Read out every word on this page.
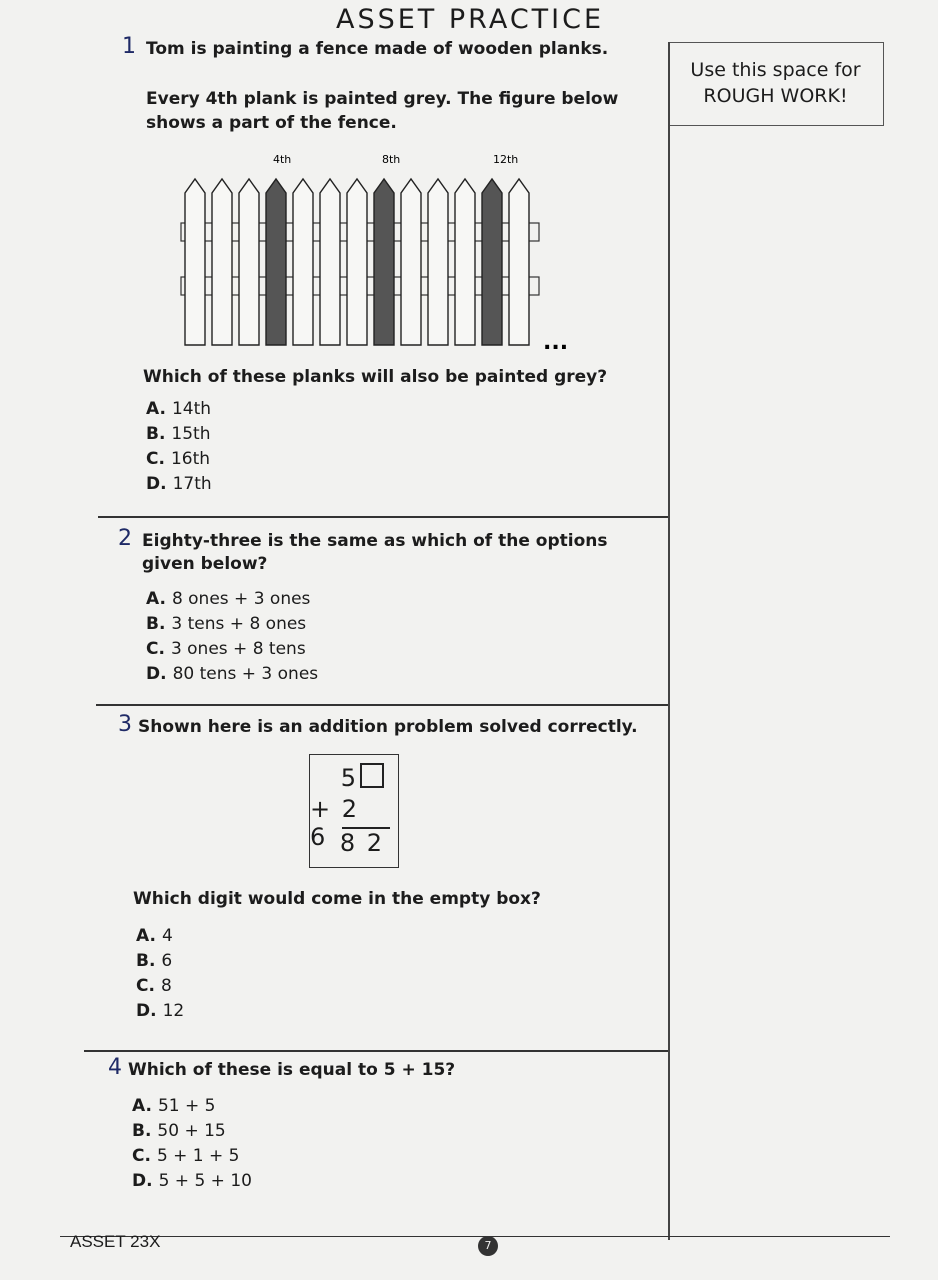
ASSET PRACTICE
Use this space for
ROUGH WORK!
1 Tom is painting a fence made of wooden planks.
Every 4th plank is painted grey. The figure below
shows a part of the fence.
4th	8th	12th
...
Which of these planks will also be painted grey?
A. 14th
B. 15th
C. 16th
D. 17th
2 Eighty-three is the same as which of the options
given below?
A. 8 ones + 3 ones
B. 3 tens + 8 ones
C. 3 ones + 8 tens
D. 80 tens + 3 ones
3 Shown here is an addition problem solved correctly.
5
+ 2 6 8 2
Which digit would come in the empty box?
A. 4
B. 6
C. 8
D. 12
4 Which of these is equal to 5 + 15?
A. 51 + 5
B. 50 + 15
C. 5 + 1 + 5
D. 5 + 5 + 10
ASSET 23X	7
